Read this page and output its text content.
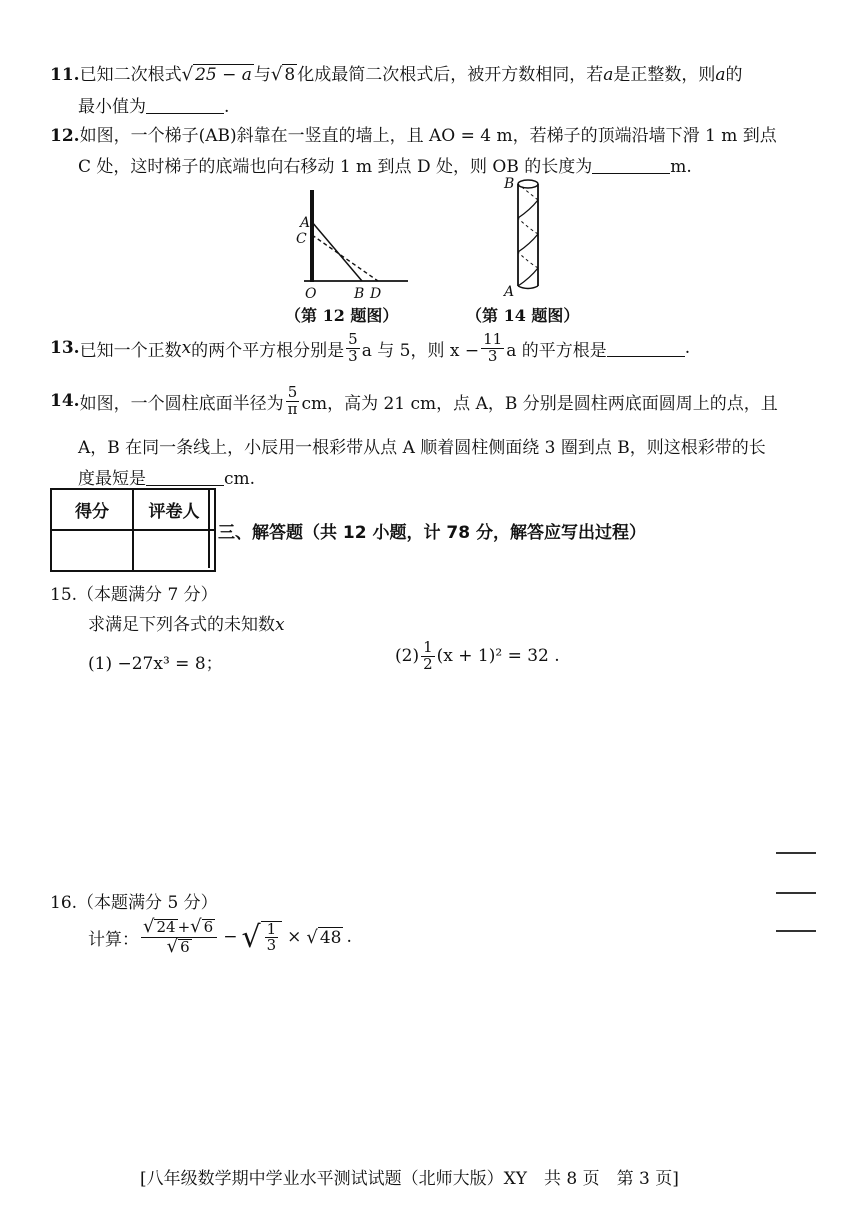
11.已知二次根式√ 25 − a 与√ 8 化成最简二次根式后，被开方数相同，若a是正整数，则a的
最小值为	.
12.如图，一个梯子(AB)斜靠在一竖直的墙上，且 AO = 4 m，若梯子的顶端沿墙下滑 1 m 到点
C 处，这时梯子的底端也向右移动 1 m 到点 D 处，则 OB 的长度为	m.
A
C
O	B D
B
A
（第 12 题图）	（第 14 题图）
13. 已知一个正数 x 的两个平方根分别是 $\frac{5}{3}$ a 与 5，则 $x - \frac{11}{3}$ a 的平方根是	.
14. 如图，一个圆柱底面半径为 $\frac{5}{\pi}$ cm，高为 21 cm，点 A，B 分别是圆柱两底面圆周上的点，且
A，B 在同一条线上，小辰用一根彩带从点 A 顺着圆柱侧面绕 3 圈到点 B，则这根彩带的长
度最短是	cm.
得分	评卷人

三、解答题（共 12 小题，计 78 分，解答应写出过程）
15.（本题满分 7 分）
求满足下列各式的未知数x
(1) −27x³ = 8；	$(2) \frac{1}{2} (x + 1)^2 = 32$ .
16.（本题满分 5 分）
计算： $\frac{√ 24 +√ 6}{√ 6}$ − √ $\frac{1}{3}$ × √ 48 .
[八年级数学期中学业水平测试试题（北师大版）XY　共 8 页　第 3 页]
